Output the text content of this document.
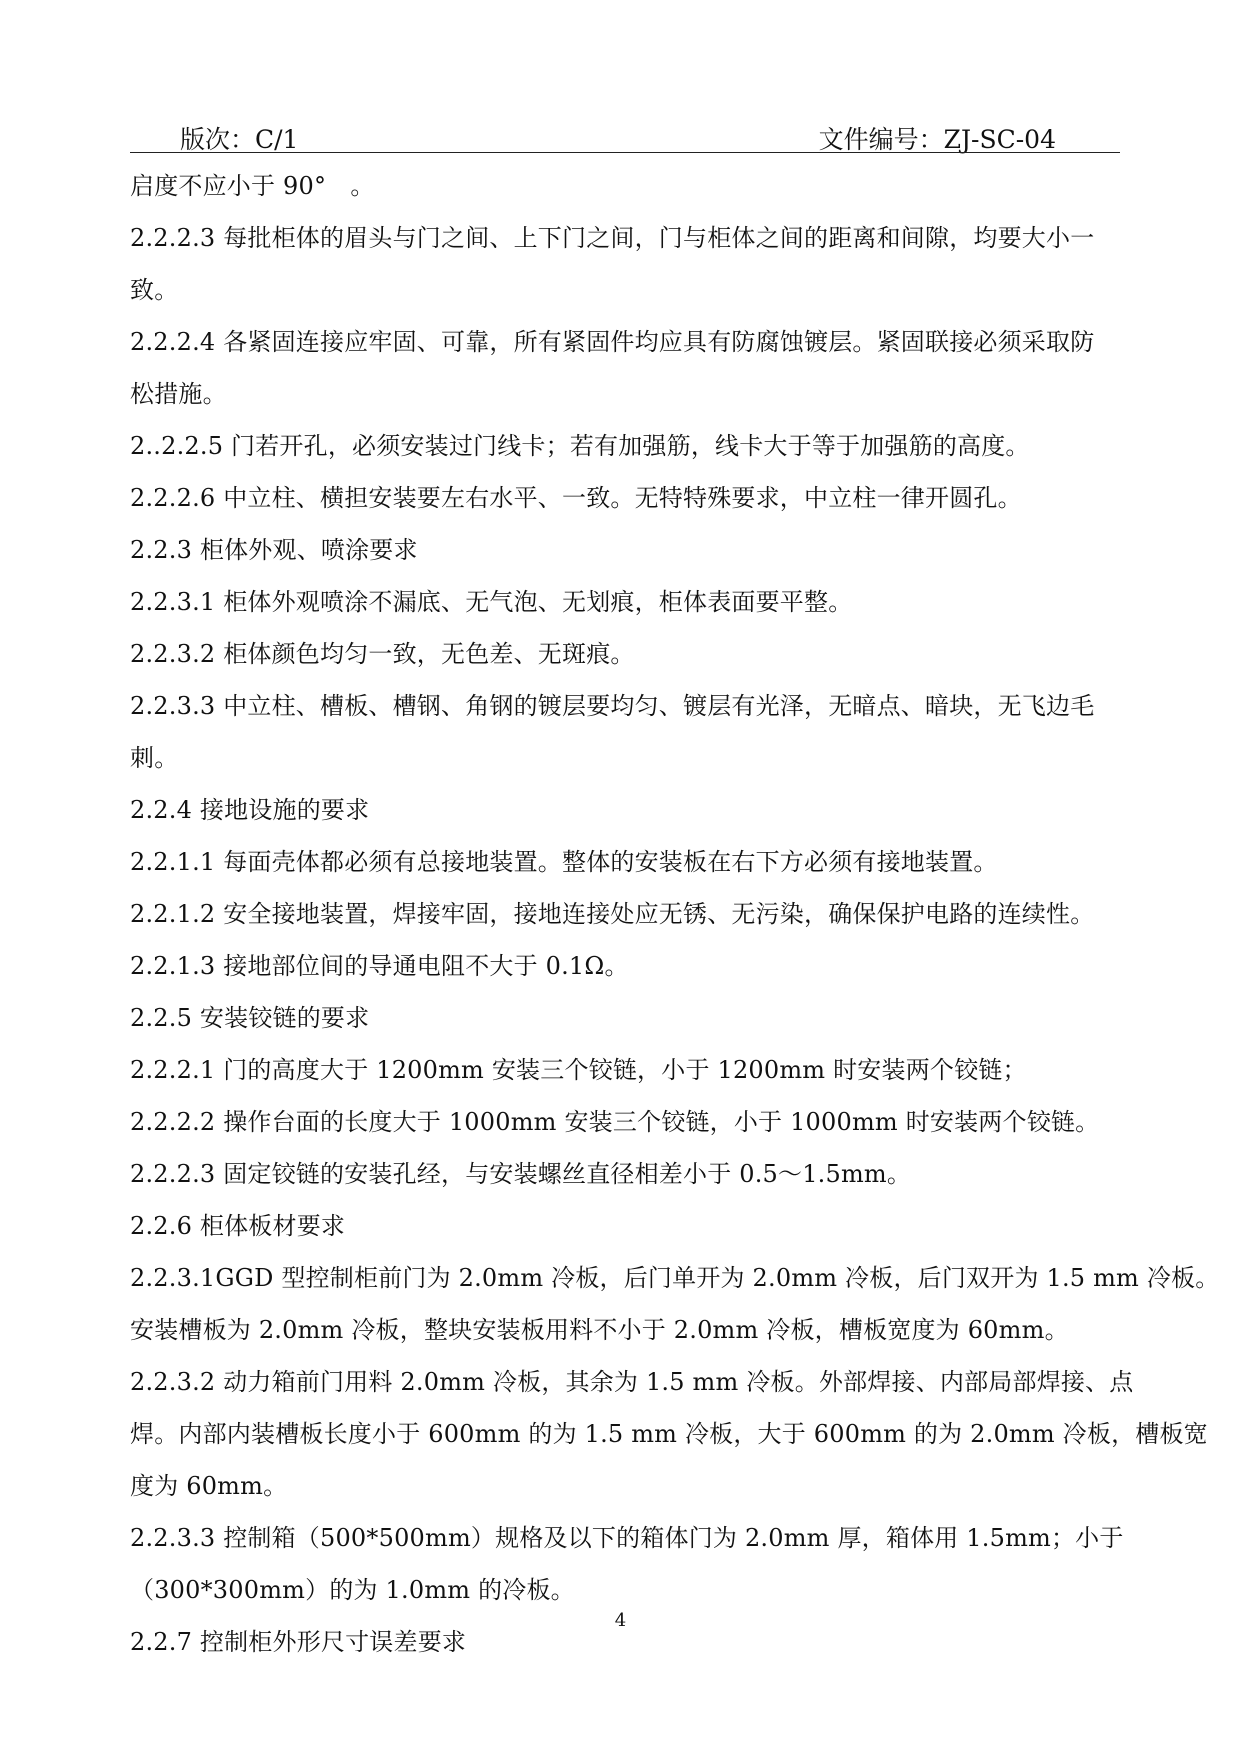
版次：C/1	文件编号：ZJ-SC-04
启度不应小于 90°　。
2.2.2.3 每批柜体的眉头与门之间、上下门之间，门与柜体之间的距离和间隙，均要大小一
致。
2.2.2.4 各紧固连接应牢固、可靠，所有紧固件均应具有防腐蚀镀层。紧固联接必须采取防
松措施。
2..2.2.5 门若开孔，必须安装过门线卡；若有加强筋，线卡大于等于加强筋的高度。
2.2.2.6 中立柱、横担安装要左右水平、一致。无特特殊要求，中立柱一律开圆孔。
2.2.3 柜体外观、喷涂要求
2.2.3.1 柜体外观喷涂不漏底、无气泡、无划痕，柜体表面要平整。
2.2.3.2 柜体颜色均匀一致，无色差、无斑痕。
2.2.3.3 中立柱、槽板、槽钢、角钢的镀层要均匀、镀层有光泽，无暗点、暗块，无飞边毛
刺。
2.2.4 接地设施的要求
2.2.1.1 每面壳体都必须有总接地装置。整体的安装板在右下方必须有接地装置。
2.2.1.2 安全接地装置，焊接牢固，接地连接处应无锈、无污染，确保保护电路的连续性。
2.2.1.3 接地部位间的导通电阻不大于 0.1Ω。
2.2.5 安装铰链的要求
2.2.2.1 门的高度大于 1200mm 安装三个铰链，小于 1200mm 时安装两个铰链；
2.2.2.2 操作台面的长度大于 1000mm 安装三个铰链，小于 1000mm 时安装两个铰链。
2.2.2.3 固定铰链的安装孔经，与安装螺丝直径相差小于 0.5～1.5mm。
2.2.6 柜体板材要求
2.2.3.1GGD 型控制柜前门为 2.0mm 冷板，后门单开为 2.0mm 冷板，后门双开为 1.5 mm 冷板。
安装槽板为 2.0mm 冷板，整块安装板用料不小于 2.0mm 冷板，槽板宽度为 60mm。
2.2.3.2 动力箱前门用料 2.0mm 冷板，其余为 1.5 mm 冷板。外部焊接、内部局部焊接、点
焊。内部内装槽板长度小于 600mm 的为 1.5 mm 冷板，大于 600mm 的为 2.0mm 冷板，槽板宽
度为 60mm。
2.2.3.3 控制箱（500*500mm）规格及以下的箱体门为 2.0mm 厚，箱体用 1.5mm；小于
（300*300mm）的为 1.0mm 的冷板。
2.2.7 控制柜外形尺寸误差要求
4
